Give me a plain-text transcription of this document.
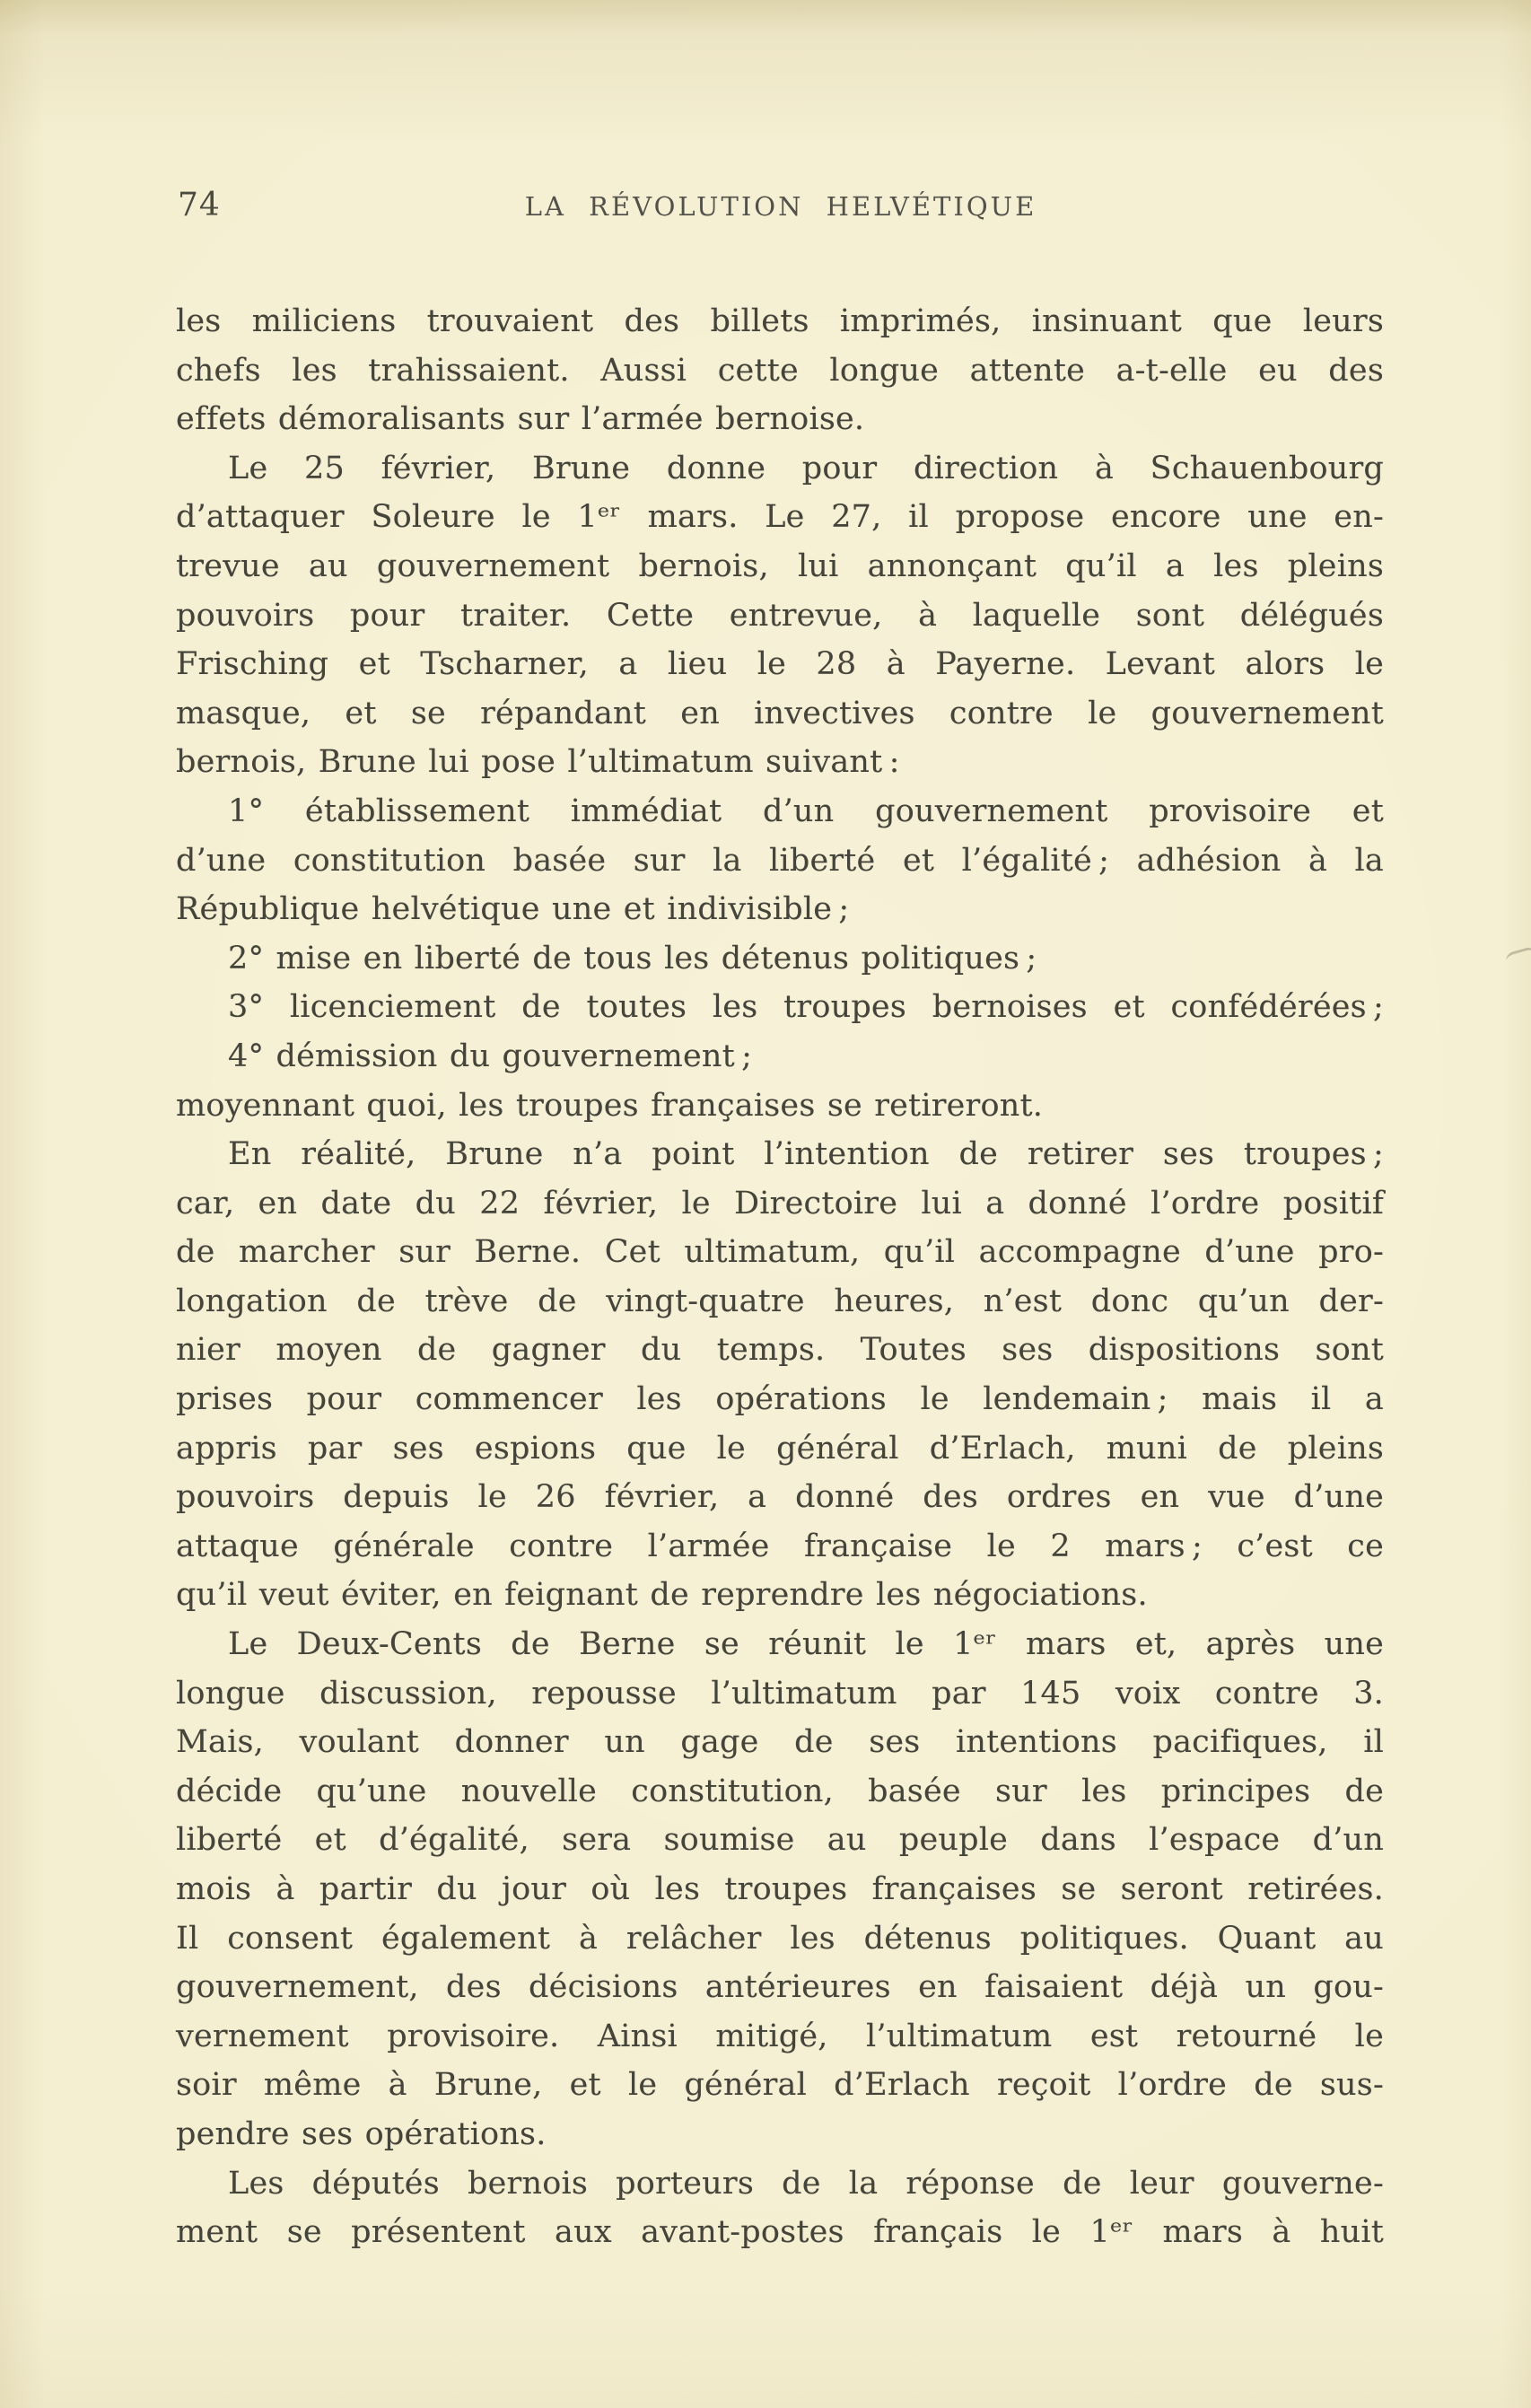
74	LA RÉVOLUTION HELVÉTIQUE
les miliciens trouvaient des billets imprimés, insinuant que leurs
chefs les trahissaient. Aussi cette longue attente a-t-elle eu des
effets démoralisants sur l’armée bernoise.
Le 25 février, Brune donne pour direction à Schauenbourg
d’attaquer Soleure le 1ᵉʳ mars. Le 27, il propose encore une en-
trevue au gouvernement bernois, lui annonçant qu’il a les pleins
pouvoirs pour traiter. Cette entrevue, à laquelle sont délégués
Frisching et Tscharner, a lieu le 28 à Payerne. Levant alors le
masque, et se répandant en invectives contre le gouvernement
bernois, Brune lui pose l’ultimatum suivant :
1° établissement immédiat d’un gouvernement provisoire et
d’une constitution basée sur la liberté et l’égalité ; adhésion à la
République helvétique une et indivisible ;
2° mise en liberté de tous les détenus politiques ;
3° licenciement de toutes les troupes bernoises et confédérées ;
4° démission du gouvernement ;
moyennant quoi, les troupes françaises se retireront.
En réalité, Brune n’a point l’intention de retirer ses troupes ;
car, en date du 22 février, le Directoire lui a donné l’ordre positif
de marcher sur Berne. Cet ultimatum, qu’il accompagne d’une pro-
longation de trève de vingt-quatre heures, n’est donc qu’un der-
nier moyen de gagner du temps. Toutes ses dispositions sont
prises pour commencer les opérations le lendemain ; mais il a
appris par ses espions que le général d’Erlach, muni de pleins
pouvoirs depuis le 26 février, a donné des ordres en vue d’une
attaque générale contre l’armée française le 2 mars ; c’est ce
qu’il veut éviter, en feignant de reprendre les négociations.
Le Deux-Cents de Berne se réunit le 1ᵉʳ mars et, après une
longue discussion, repousse l’ultimatum par 145 voix contre 3.
Mais, voulant donner un gage de ses intentions pacifiques, il
décide qu’une nouvelle constitution, basée sur les principes de
liberté et d’égalité, sera soumise au peuple dans l’espace d’un
mois à partir du jour où les troupes françaises se seront retirées.
Il consent également à relâcher les détenus politiques. Quant au
gouvernement, des décisions antérieures en faisaient déjà un gou-
vernement provisoire. Ainsi mitigé, l’ultimatum est retourné le
soir même à Brune, et le général d’Erlach reçoit l’ordre de sus-
pendre ses opérations.
Les députés bernois porteurs de la réponse de leur gouverne-
ment se présentent aux avant-postes français le 1ᵉʳ mars à huit
